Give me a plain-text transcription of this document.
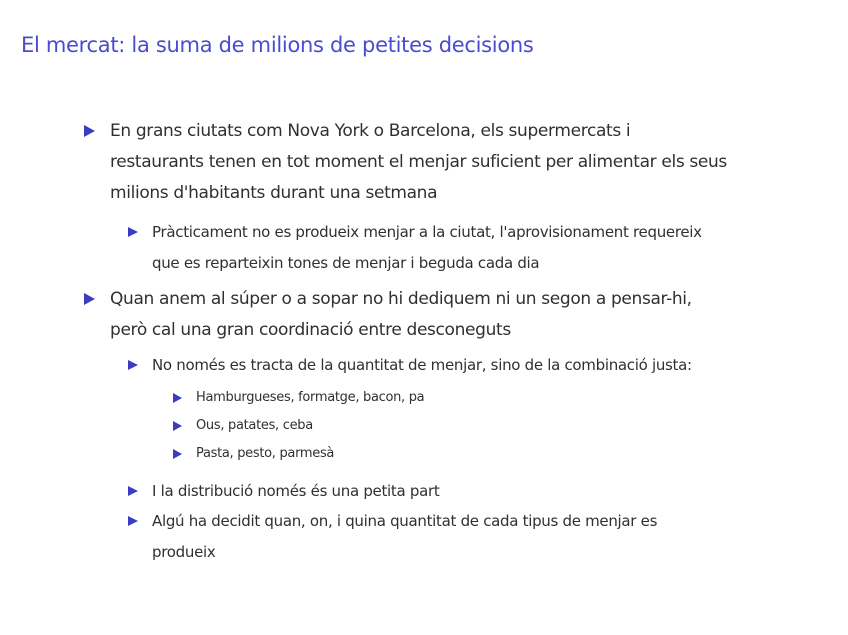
El mercat: la suma de milions de petites decisions
En grans ciutats com Nova York o Barcelona, els supermercats i
restaurants tenen en tot moment el menjar suficient per alimentar els seus
milions d'habitants durant una setmana
Pràcticament no es produeix menjar a la ciutat, l'aprovisionament requereix
que es reparteixin tones de menjar i beguda cada dia
Quan anem al súper o a sopar no hi dediquem ni un segon a pensar-hi,
però cal una gran coordinació entre desconeguts
No només es tracta de la quantitat de menjar, sino de la combinació justa:
Hamburgueses, formatge, bacon, pa
Ous, patates, ceba
Pasta, pesto, parmesà
I la distribució només és una petita part
Algú ha decidit quan, on, i quina quantitat de cada tipus de menjar es
produeix
